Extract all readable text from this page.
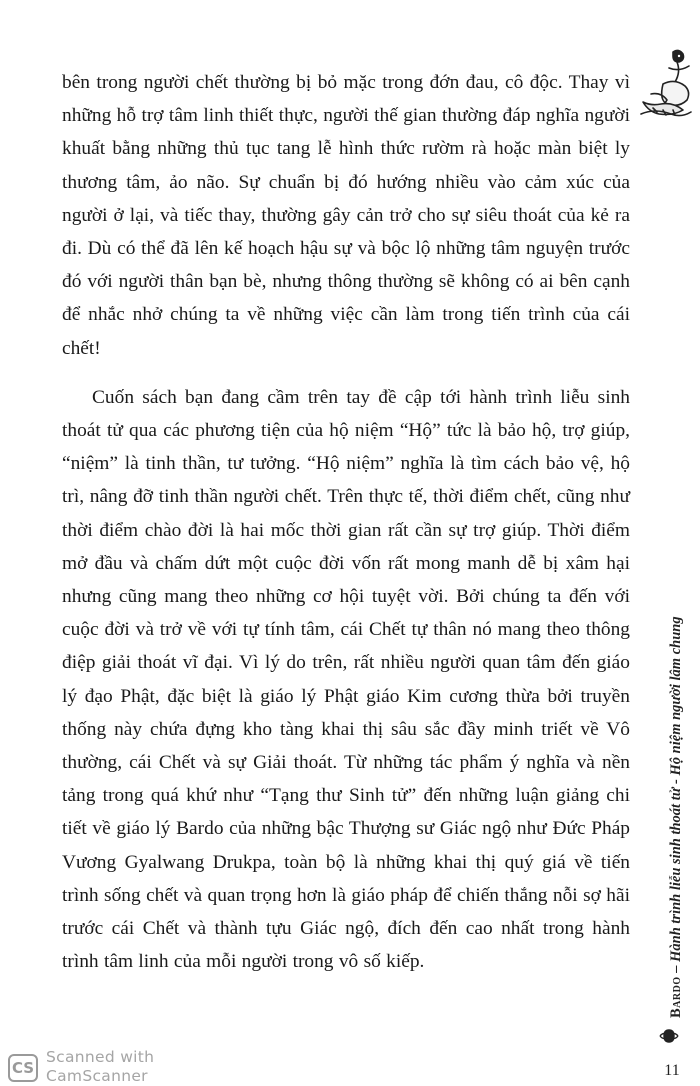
bên trong người chết thường bị bỏ mặc trong đớn đau, cô độc. Thay vì những hỗ trợ tâm linh thiết thực, người thế gian thường đáp nghĩa người khuất bằng những thủ tục tang lễ hình thức rườm rà hoặc màn biệt ly thương tâm, ảo não. Sự chuẩn bị đó hướng nhiều vào cảm xúc của người ở lại, và tiếc thay, thường gây cản trở cho sự siêu thoát của kẻ ra đi. Dù có thể đã lên kế hoạch hậu sự và bộc lộ những tâm nguyện trước đó với người thân bạn bè, nhưng thông thường sẽ không có ai bên cạnh để nhắc nhở chúng ta về những việc cần làm trong tiến trình của cái chết!

Cuốn sách bạn đang cầm trên tay đề cập tới hành trình liễu sinh thoát tử qua các phương tiện của hộ niệm “Hộ” tức là bảo hộ, trợ giúp, “niệm” là tinh thần, tư tưởng. “Hộ niệm” nghĩa là tìm cách bảo vệ, hộ trì, nâng đỡ tinh thần người chết. Trên thực tế, thời điểm chết, cũng như thời điểm chào đời là hai mốc thời gian rất cần sự trợ giúp. Thời điểm mở đầu và chấm dứt một cuộc đời vốn rất mong manh dễ bị xâm hại nhưng cũng mang theo những cơ hội tuyệt vời. Bởi chúng ta đến với cuộc đời và trở về với tự tính tâm, cái Chết tự thân nó mang theo thông điệp giải thoát vĩ đại. Vì lý do trên, rất nhiều người quan tâm đến giáo lý đạo Phật, đặc biệt là giáo lý Phật giáo Kim cương thừa bởi truyền thống này chứa đựng kho tàng khai thị sâu sắc đầy minh triết về Vô thường, cái Chết và sự Giải thoát. Từ những tác phẩm ý nghĩa và nền tảng trong quá khứ như “Tạng thư Sinh tử” đến những luận giảng chi tiết về giáo lý Bardo của những bậc Thượng sư Giác ngộ như Đức Pháp Vương Gyalwang Drukpa, toàn bộ là những khai thị quý giá về tiến trình sống chết và quan trọng hơn là giáo pháp để chiến thắng nỗi sợ hãi trước cái Chết và thành tựu Giác ngộ, đích đến cao nhất trong hành trình tâm linh của mỗi người trong vô số kiếp.

Bardo – Hành trình liễu sinh thoát tử - Hộ niệm người lâm chung
11
CS
Scanned with
CamScanner
